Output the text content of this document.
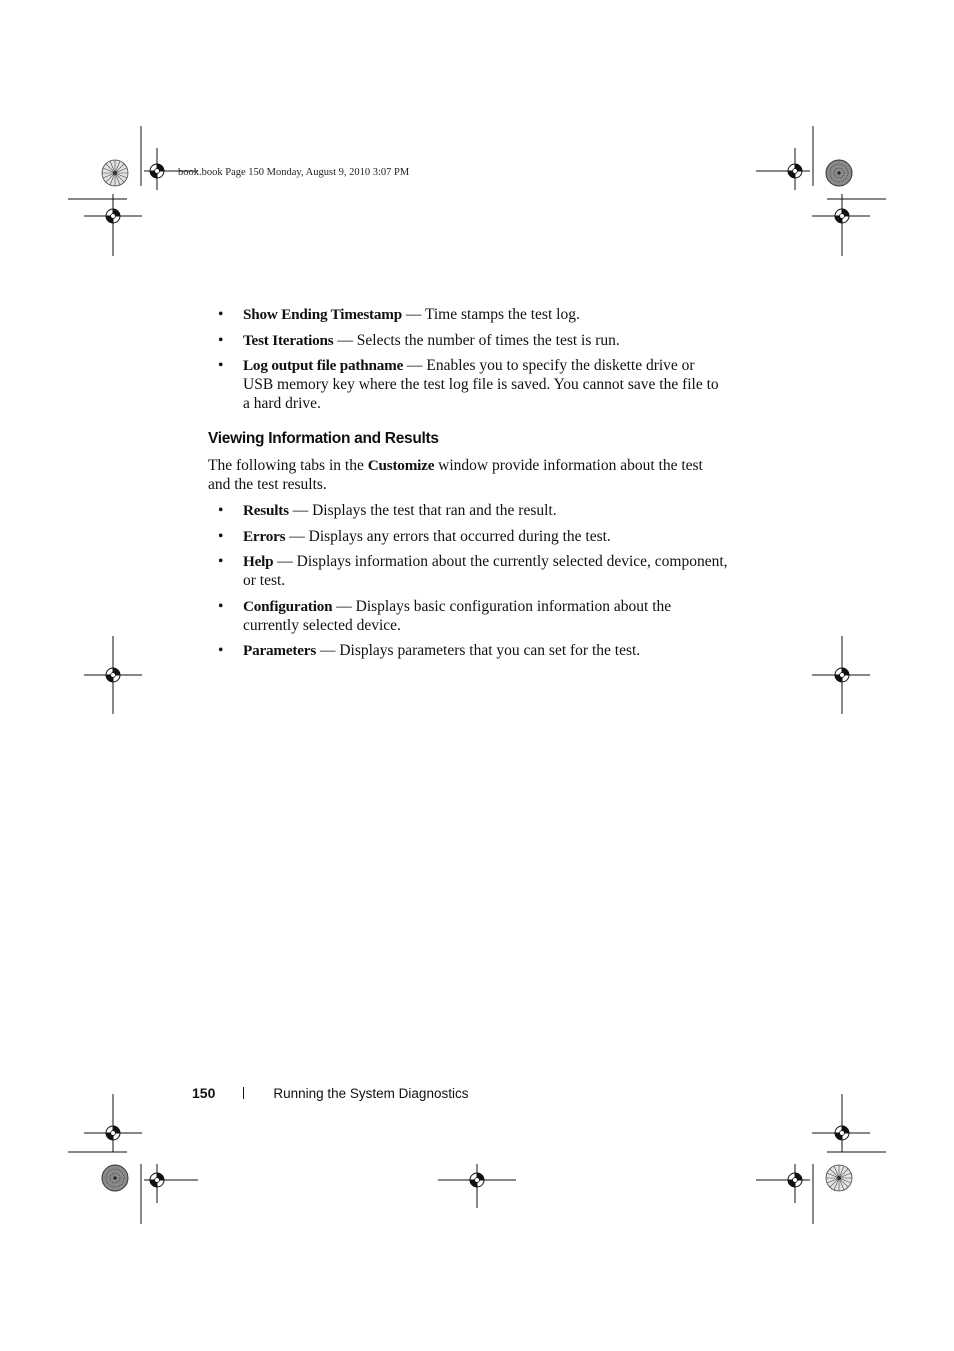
book.book Page 150 Monday, August 9, 2010 3:07 PM
• Show Ending Timestamp — Time stamps the test log.
• Test Iterations — Selects the number of times the test is run.
• Log output file pathname — Enables you to specify the diskette drive or USB memory key where the test log file is saved. You cannot save the file to a hard drive.
Viewing Information and Results

The following tabs in the Customize window provide information about the test and the test results.

• Results — Displays the test that ran and the result.
• Errors — Displays any errors that occurred during the test.
• Help — Displays information about the currently selected device, component, or test.
• Configuration — Displays basic configuration information about the currently selected device.
• Parameters — Displays parameters that you can set for the test.
150	Running the System Diagnostics
